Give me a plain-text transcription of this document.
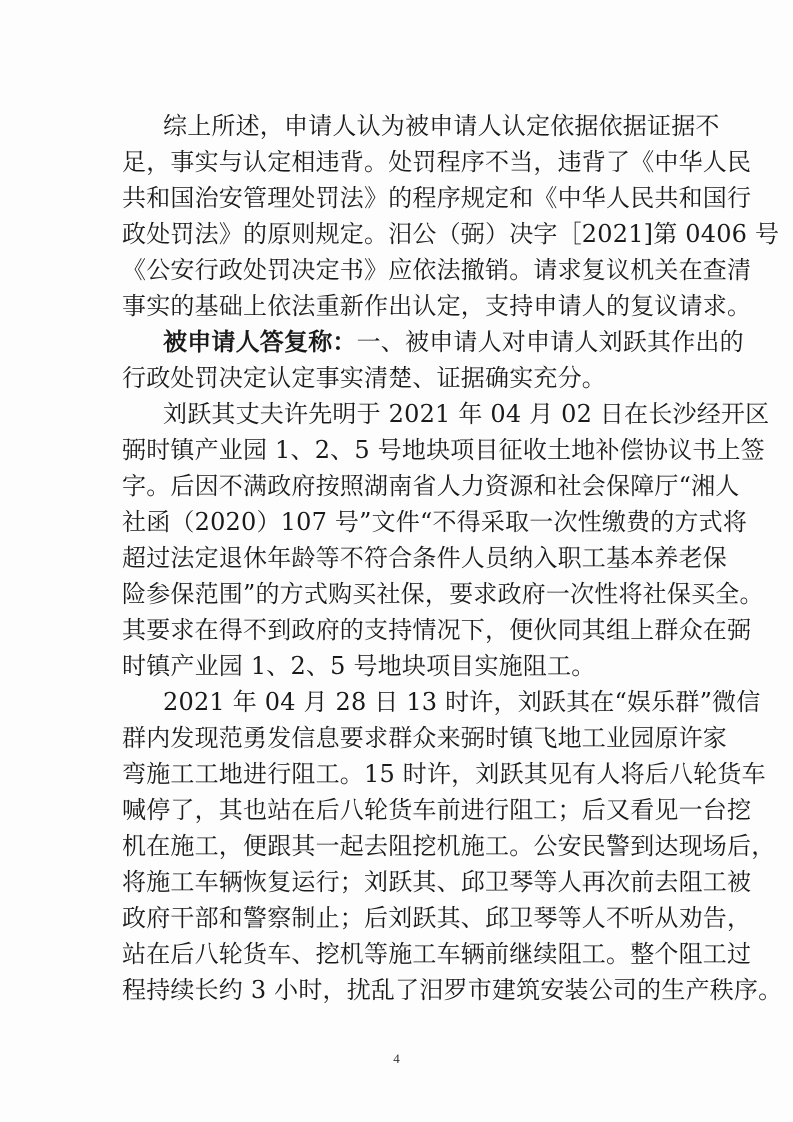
综上所述，申请人认为被申请人认定依据依据证据不
足，事实与认定相违背。处罚程序不当，违背了《中华人民
共和国治安管理处罚法》的程序规定和《中华人民共和国行
政处罚法》的原则规定。汨公（弼）决字［2021]第 0406 号
《公安行政处罚决定书》应依法撤销。请求复议机关在查清
事实的基础上依法重新作出认定，支持申请人的复议请求。
被申请人答复称：一、被申请人对申请人刘跃其作出的
行政处罚决定认定事实清楚、证据确实充分。
刘跃其丈夫许先明于 2021 年 04 月 02 日在长沙经开区
弼时镇产业园 1、2、5 号地块项目征收土地补偿协议书上签
字。后因不满政府按照湖南省人力资源和社会保障厅“湘人
社函（2020）107 号”文件“不得采取一次性缴费的方式将
超过法定退休年龄等不符合条件人员纳入职工基本养老保
险参保范围”的方式购买社保，要求政府一次性将社保买全。
其要求在得不到政府的支持情况下，便伙同其组上群众在弼
时镇产业园 1、2、5 号地块项目实施阻工。
2021 年 04 月 28 日 13 时许，刘跃其在“娱乐群”微信
群内发现范勇发信息要求群众来弼时镇飞地工业园原许家
弯施工工地进行阻工。15 时许，刘跃其见有人将后八轮货车
喊停了，其也站在后八轮货车前进行阻工；后又看见一台挖
机在施工，便跟其一起去阻挖机施工。公安民警到达现场后，
将施工车辆恢复运行；刘跃其、邱卫琴等人再次前去阻工被
政府干部和警察制止；后刘跃其、邱卫琴等人不听从劝告，
站在后八轮货车、挖机等施工车辆前继续阻工。整个阻工过
程持续长约 3 小时，扰乱了汨罗市建筑安装公司的生产秩序。
4
